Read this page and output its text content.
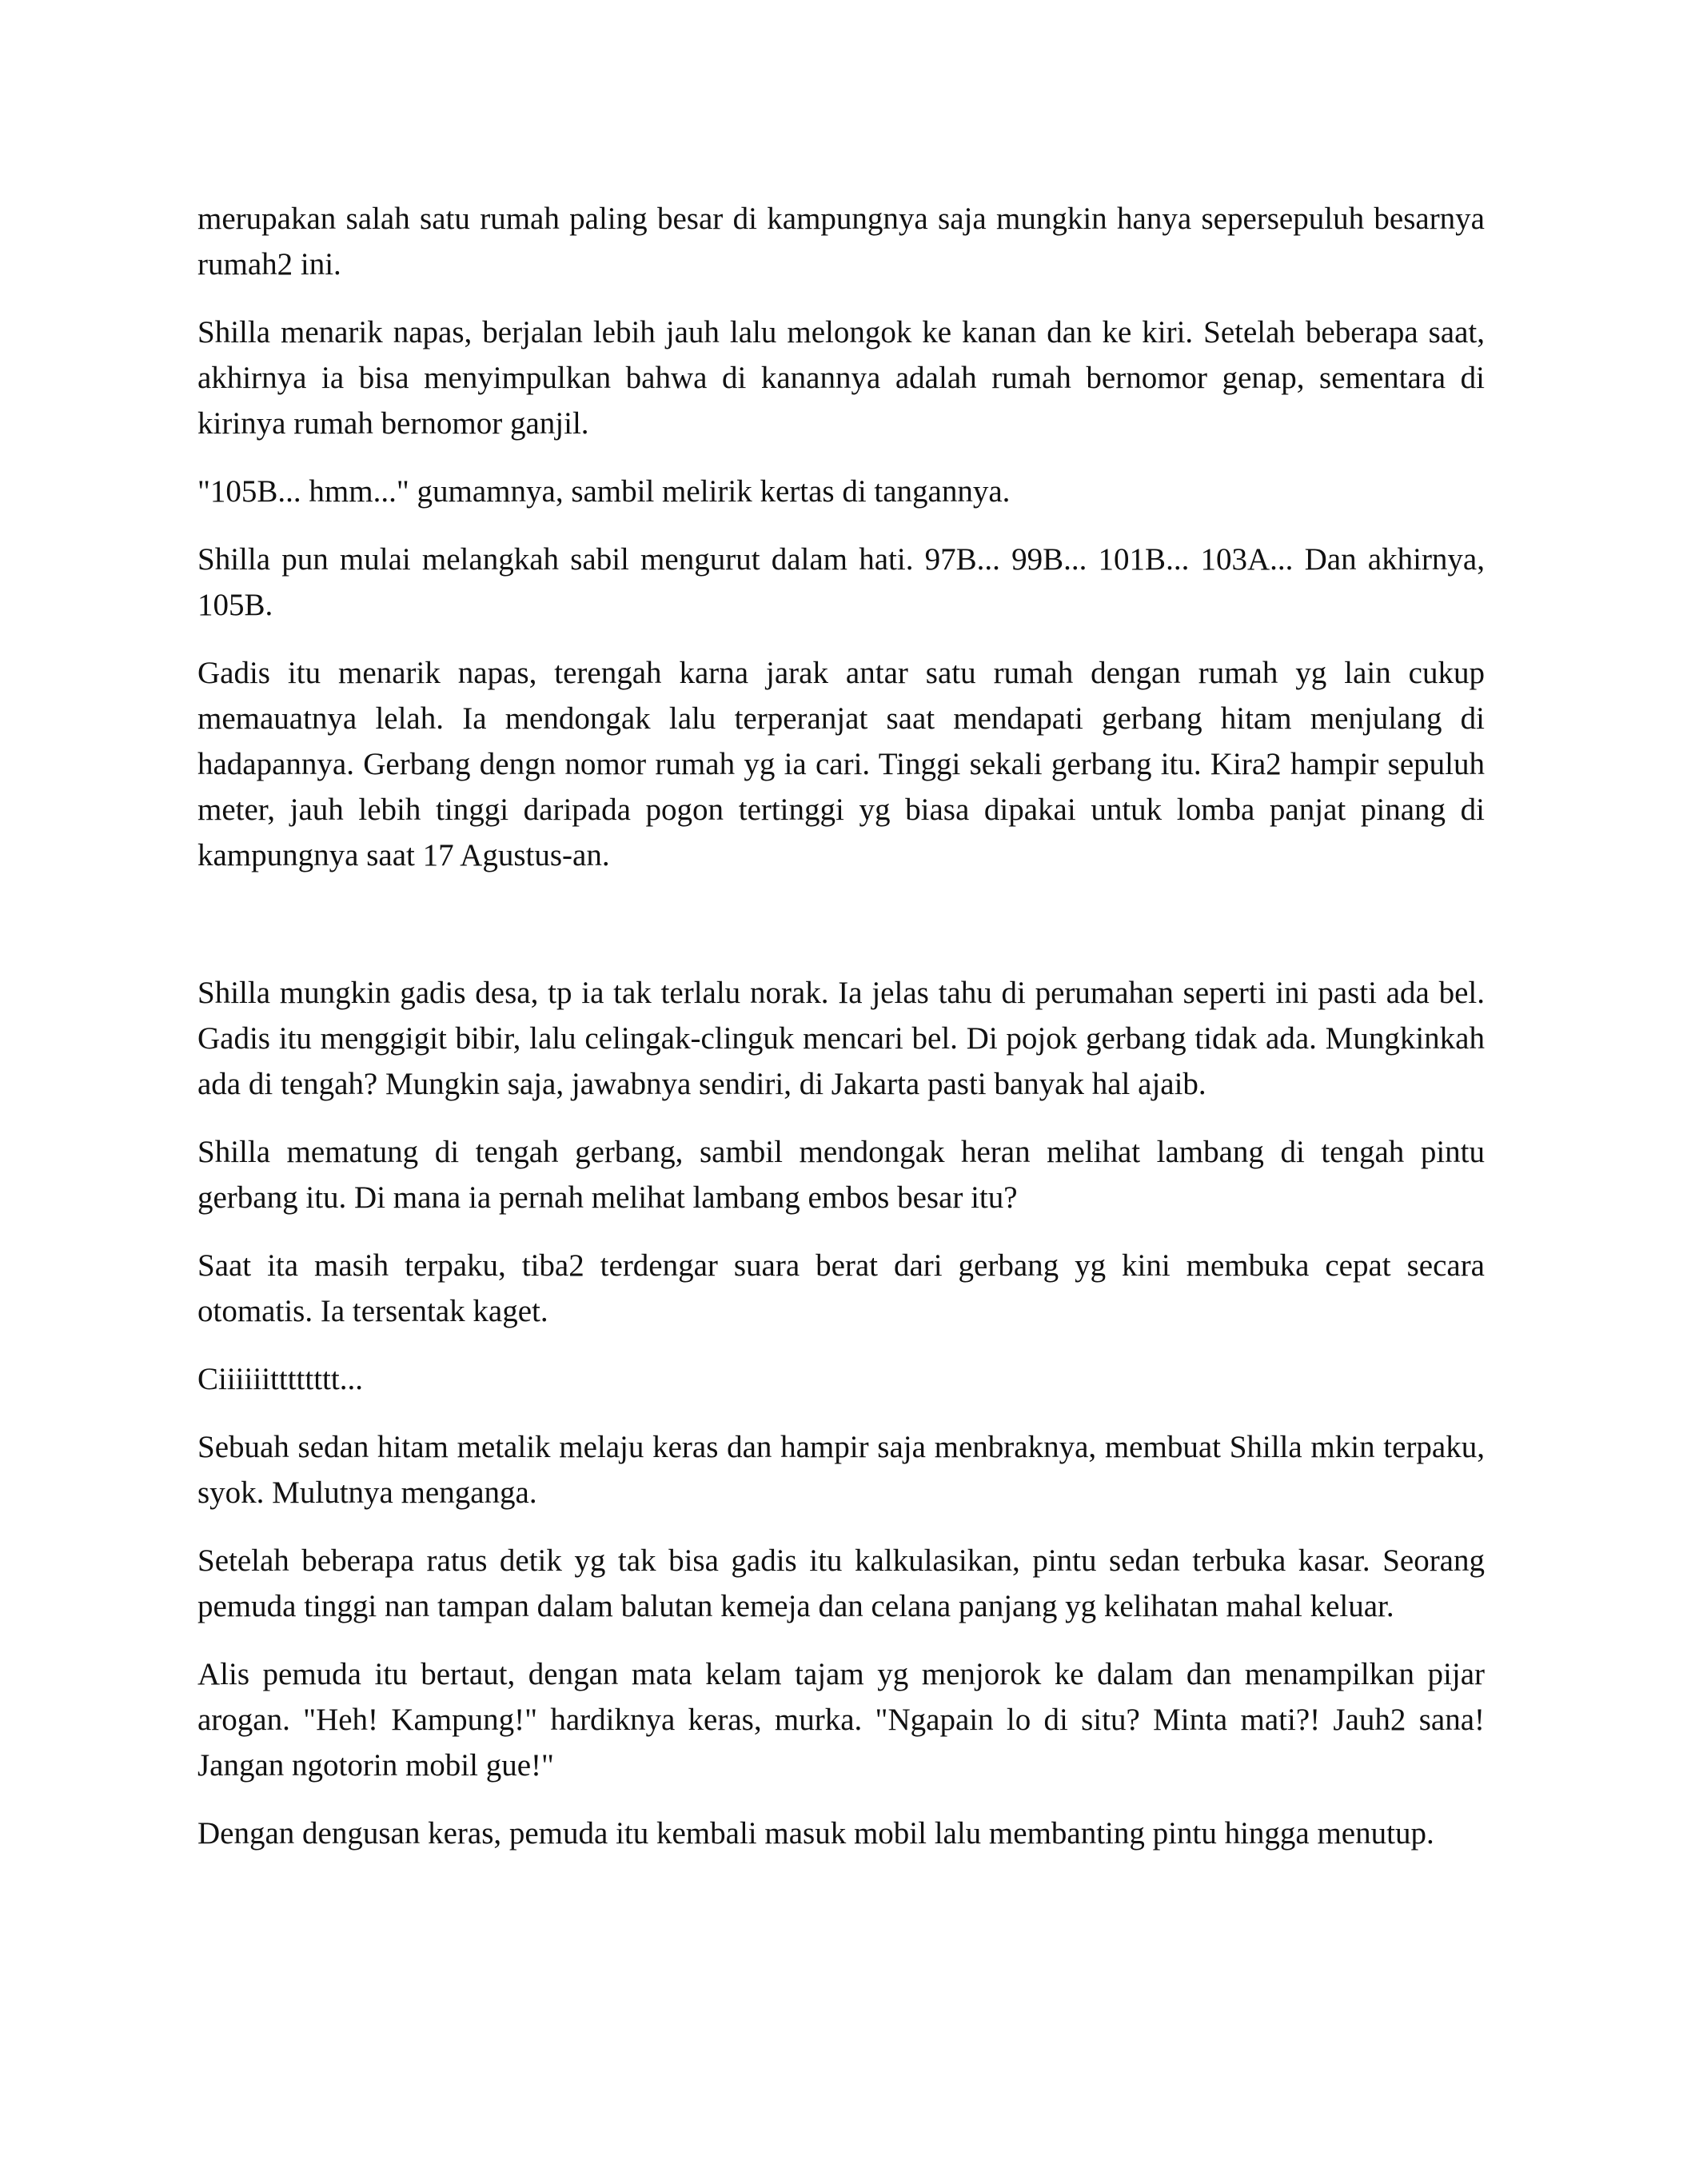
merupakan salah satu rumah paling besar di kampungnya saja mungkin hanya sepersepuluh besarnya rumah2 ini.

Shilla menarik napas, berjalan lebih jauh lalu melongok ke kanan dan ke kiri. Setelah beberapa saat, akhirnya ia bisa menyimpulkan bahwa di kanannya adalah rumah bernomor genap, sementara di kirinya rumah bernomor ganjil.

"105B... hmm..." gumamnya, sambil melirik kertas di tangannya.

Shilla pun mulai melangkah sabil mengurut dalam hati. 97B... 99B... 101B... 103A... Dan akhirnya, 105B.

Gadis itu menarik napas, terengah karna jarak antar satu rumah dengan rumah yg lain cukup memauatnya lelah. Ia mendongak lalu terperanjat saat mendapati gerbang hitam menjulang di hadapannya. Gerbang dengn nomor rumah yg ia cari. Tinggi sekali gerbang itu. Kira2 hampir sepuluh meter, jauh lebih tinggi daripada pogon tertinggi yg biasa dipakai untuk lomba panjat pinang di kampungnya saat 17 Agustus-an.

Shilla mungkin gadis desa, tp ia tak terlalu norak. Ia jelas tahu di perumahan seperti ini pasti ada bel. Gadis itu menggigit bibir, lalu celingak-clinguk mencari bel. Di pojok gerbang tidak ada. Mungkinkah ada di tengah? Mungkin saja, jawabnya sendiri, di Jakarta pasti banyak hal ajaib.

Shilla mematung di tengah gerbang, sambil mendongak heran melihat lambang di tengah pintu gerbang itu. Di mana ia pernah melihat lambang embos besar itu?

Saat ita masih terpaku, tiba2 terdengar suara berat dari gerbang yg kini membuka cepat secara otomatis. Ia tersentak kaget.

Ciiiiiitttttttt...

Sebuah sedan hitam metalik melaju keras dan hampir saja menbraknya, membuat Shilla mkin terpaku, syok. Mulutnya menganga.

Setelah beberapa ratus detik yg tak bisa gadis itu kalkulasikan, pintu sedan terbuka kasar. Seorang pemuda tinggi nan tampan dalam balutan kemeja dan celana panjang yg kelihatan mahal keluar.

Alis pemuda itu bertaut, dengan mata kelam tajam yg menjorok ke dalam dan menampilkan pijar arogan. "Heh! Kampung!" hardiknya keras, murka. "Ngapain lo di situ? Minta mati?! Jauh2 sana! Jangan ngotorin mobil gue!"

Dengan dengusan keras, pemuda itu kembali masuk mobil lalu membanting pintu hingga menutup.
